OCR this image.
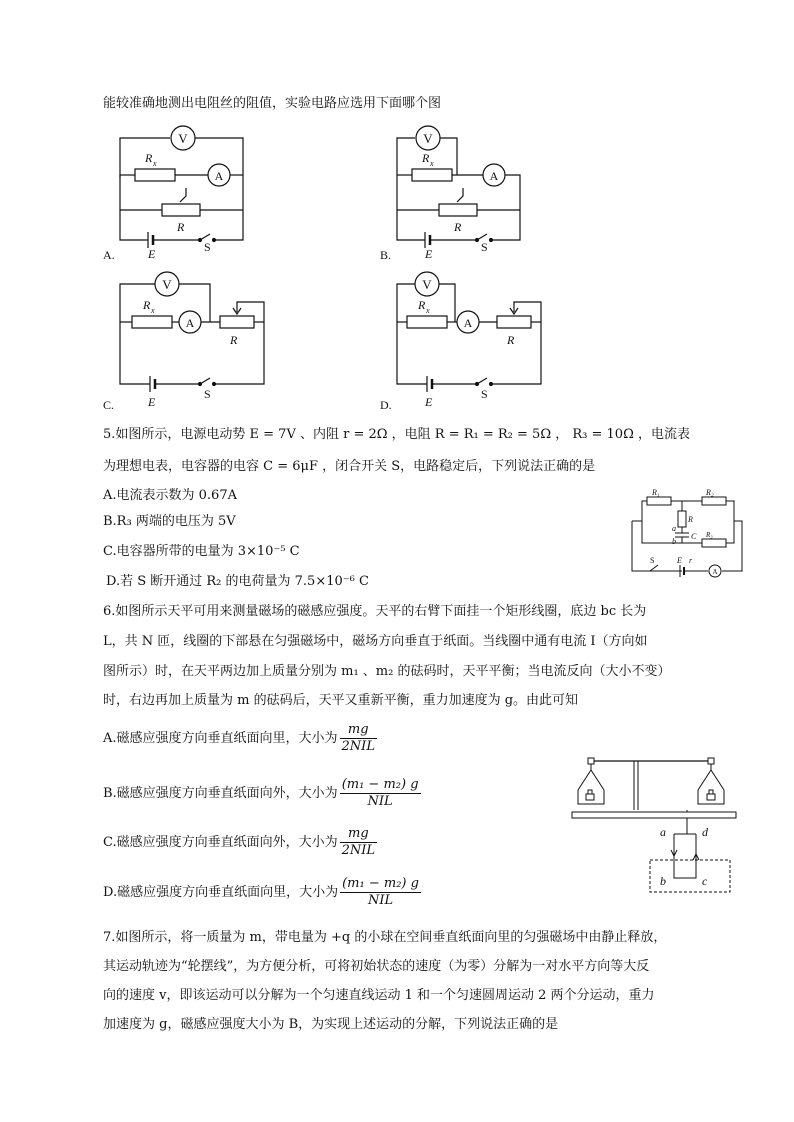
能较准确地测出电阻丝的阻值，实验电路应选用下面哪个图
V
A
R x
R
E	S
A.
V
A
R x
R
E	S
B.
V
A
R x
R
E
S
C.
V
A
R x
R
E
S
D.
5.如图所示，电源电动势 E = 7V 、内阻 r = 2Ω ，电阻 R = R₁ = R₂ = 5Ω ， R₃ = 10Ω ，电流表
为理想电表，电容器的电容 C = 6μF ，闭合开关 S，电路稳定后，下列说法正确的是
A.电流表示数为 0.67A
B.R₃ 两端的电压为 5V
C.电容器所带的电量为 3×10⁻⁵ C
D.若 S 断开通过 R₂ 的电荷量为 7.5×10⁻⁶ C
R₁	R₂
R
a
C
b
R₃
S	E r
A
6.如图所示天平可用来测量磁场的磁感应强度。天平的右臂下面挂一个矩形线圈，底边 bc 长为
L，共 N 匝，线圈的下部悬在匀强磁场中，磁场方向垂直于纸面。当线圈中通有电流 I（方向如
图所示）时，在天平两边加上质量分别为 m₁ 、m₂ 的砝码时，天平平衡；当电流反向（大小不变）
时，右边再加上质量为 m 的砝码后，天平又重新平衡，重力加速度为 g。由此可知
A.磁感应强度方向垂直纸面向里，大小为 $\frac{mg}{\text{2NIL}}$
B.磁感应强度方向垂直纸面向外，大小为 $\frac{\text{(m₁ − m₂) g}}{\text{NIL}}$
C.磁感应强度方向垂直纸面向外，大小为 $\frac{mg}{\text{2NIL}}$
D.磁感应强度方向垂直纸面向里，大小为 $\frac{\text{(m₁ − m₂) g}}{\text{NIL}}$
a	d
b	c
7.如图所示，将一质量为 m，带电量为 +q 的小球在空间垂直纸面向里的匀强磁场中由静止释放，
其运动轨迹为“轮摆线”，为方便分析，可将初始状态的速度（为零）分解为一对水平方向等大反
向的速度 v，即该运动可以分解为一个匀速直线运动 1 和一个匀速圆周运动 2 两个分运动，重力
加速度为 g，磁感应强度大小为 B，为实现上述运动的分解，下列说法正确的是
